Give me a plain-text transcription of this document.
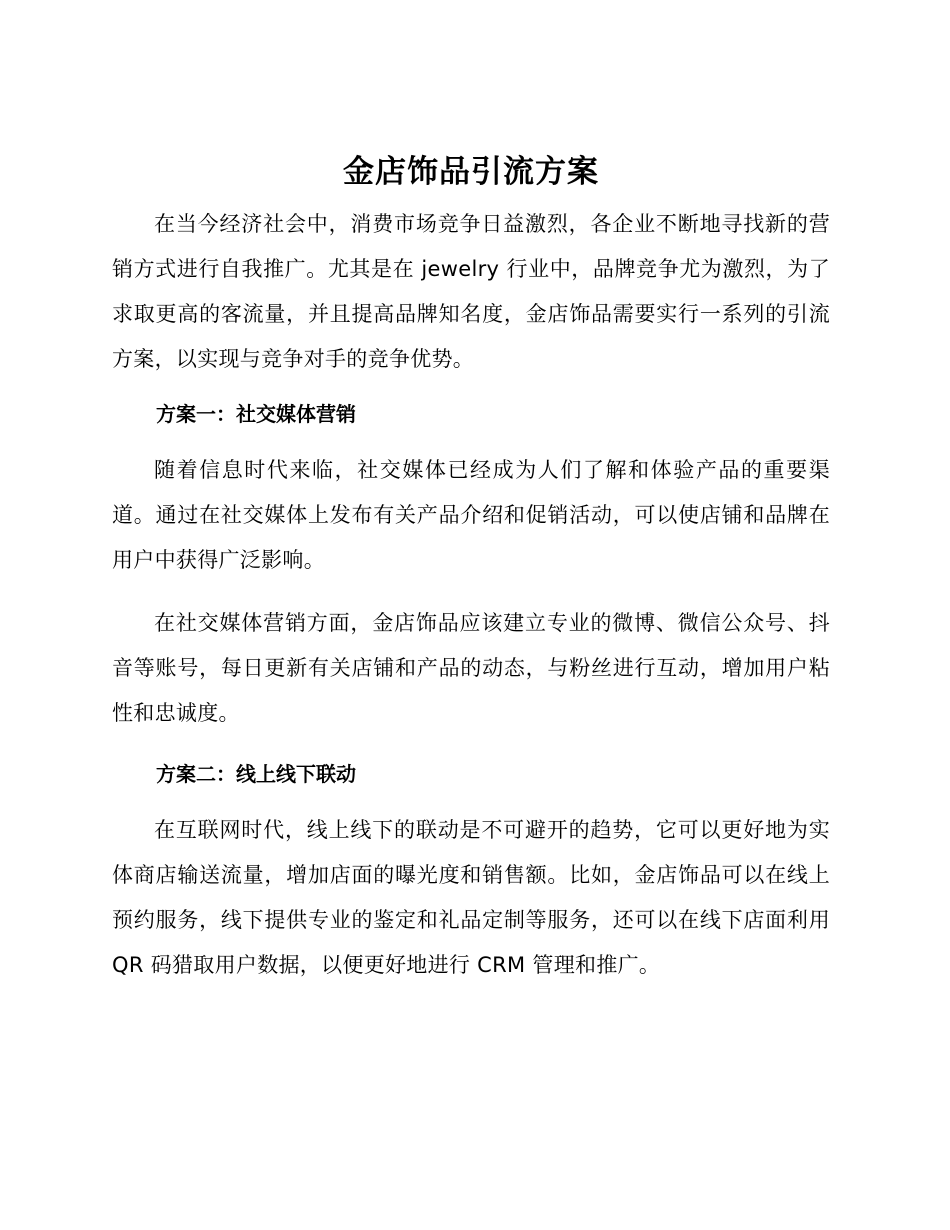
金店饰品引流方案

在当今经济社会中，消费市场竞争日益激烈，各企业不断地寻找新的营销方式进行自我推广。尤其是在 jewelry 行业中，品牌竞争尤为激烈，为了求取更高的客流量，并且提高品牌知名度，金店饰品需要实行一系列的引流方案，以实现与竞争对手的竞争优势。

方案一：社交媒体营销

随着信息时代来临，社交媒体已经成为人们了解和体验产品的重要渠道。通过在社交媒体上发布有关产品介绍和促销活动，可以使店铺和品牌在用户中获得广泛影响。

在社交媒体营销方面，金店饰品应该建立专业的微博、微信公众号、抖音等账号，每日更新有关店铺和产品的动态，与粉丝进行互动，增加用户粘性和忠诚度。

方案二：线上线下联动

在互联网时代，线上线下的联动是不可避开的趋势，它可以更好地为实体商店输送流量，增加店面的曝光度和销售额。比如，金店饰品可以在线上预约服务，线下提供专业的鉴定和礼品定制等服务，还可以在线下店面利用 QR 码猎取用户数据，以便更好地进行 CRM 管理和推广。
